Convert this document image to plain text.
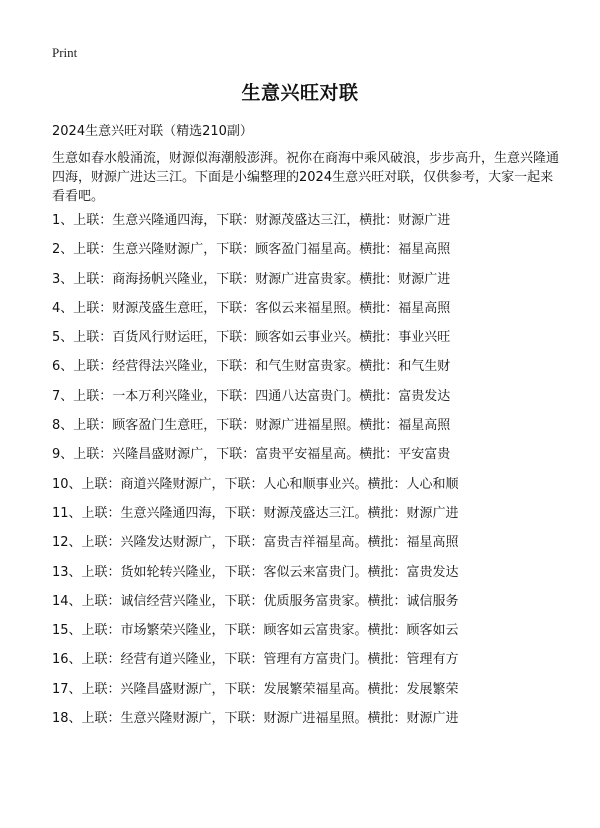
Print
生意兴旺对联
2024生意兴旺对联（精选210副）

生意如春水般涌流，财源似海潮般澎湃。祝你在商海中乘风破浪，步步高升，生意兴隆通四海，财源广进达三江。下面是小编整理的2024生意兴旺对联，仅供参考，大家一起来看看吧。

1、上联：生意兴隆通四海，下联：财源茂盛达三江，横批：财源广进
2、上联：生意兴隆财源广，下联：顾客盈门福星高。横批：福星高照
3、上联：商海扬帆兴隆业，下联：财源广进富贵家。横批：财源广进
4、上联：财源茂盛生意旺，下联：客似云来福星照。横批：福星高照
5、上联：百货风行财运旺，下联：顾客如云事业兴。横批：事业兴旺
6、上联：经营得法兴隆业，下联：和气生财富贵家。横批：和气生财
7、上联：一本万利兴隆业，下联：四通八达富贵门。横批：富贵发达
8、上联：顾客盈门生意旺，下联：财源广进福星照。横批：福星高照
9、上联：兴隆昌盛财源广，下联：富贵平安福星高。横批：平安富贵
10、上联：商道兴隆财源广，下联：人心和顺事业兴。横批：人心和顺
11、上联：生意兴隆通四海，下联：财源茂盛达三江。横批：财源广进
12、上联：兴隆发达财源广，下联：富贵吉祥福星高。横批：福星高照
13、上联：货如轮转兴隆业，下联：客似云来富贵门。横批：富贵发达
14、上联：诚信经营兴隆业，下联：优质服务富贵家。横批：诚信服务
15、上联：市场繁荣兴隆业，下联：顾客如云富贵家。横批：顾客如云
16、上联：经营有道兴隆业，下联：管理有方富贵门。横批：管理有方
17、上联：兴隆昌盛财源广，下联：发展繁荣福星高。横批：发展繁荣
18、上联：生意兴隆财源广，下联：财源广进福星照。横批：财源广进
